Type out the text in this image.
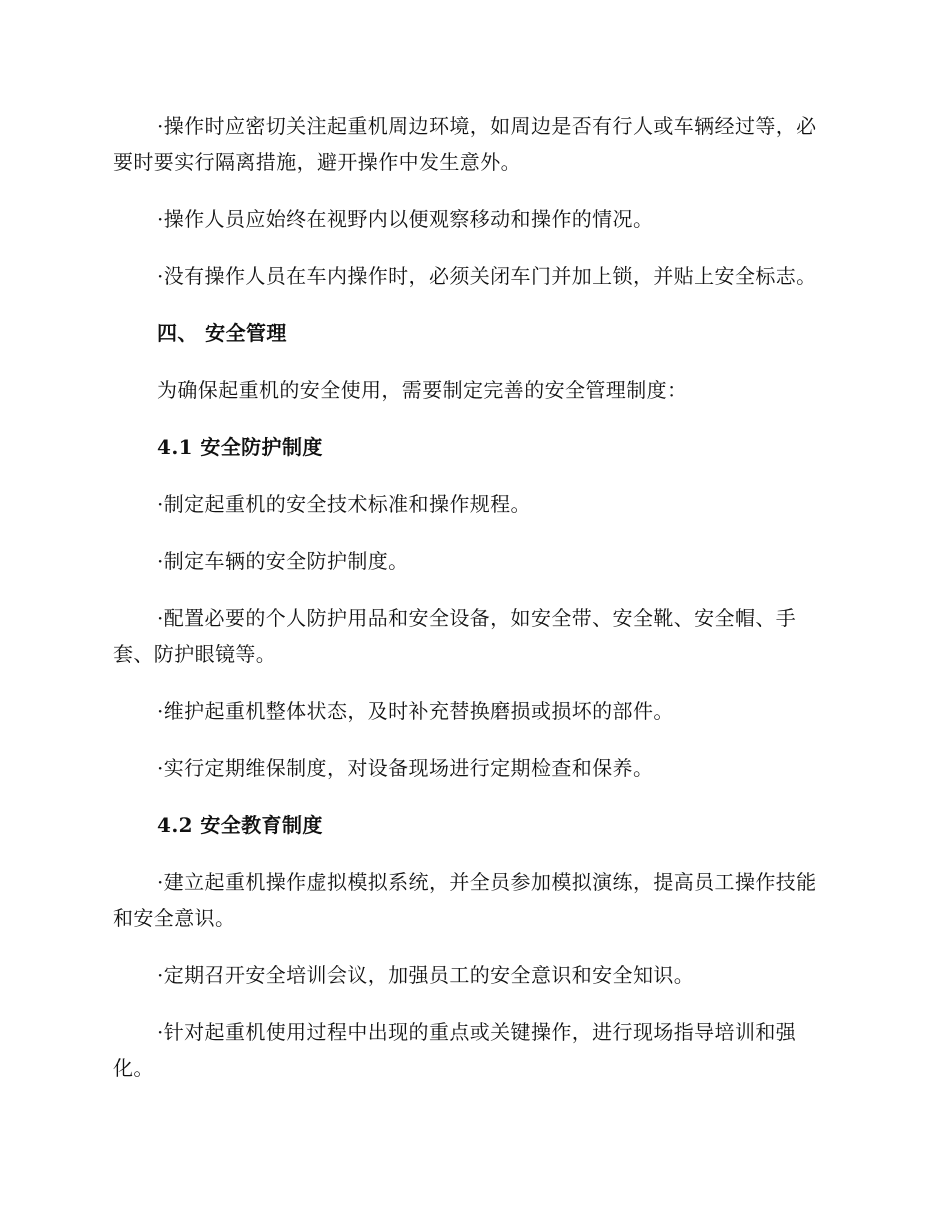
·操作时应密切关注起重机周边环境，如周边是否有行人或车辆经过等，必要时要实行隔离措施，避开操作中发生意外。

·操作人员应始终在视野内以便观察移动和操作的情况。

·没有操作人员在车内操作时，必须关闭车门并加上锁，并贴上安全标志。

四、 安全管理

为确保起重机的安全使用，需要制定完善的安全管理制度：

4.1 安全防护制度

·制定起重机的安全技术标准和操作规程。

·制定车辆的安全防护制度。

·配置必要的个人防护用品和安全设备，如安全带、安全靴、安全帽、手套、防护眼镜等。

·维护起重机整体状态，及时补充替换磨损或损坏的部件。

·实行定期维保制度，对设备现场进行定期检查和保养。

4.2 安全教育制度

·建立起重机操作虚拟模拟系统，并全员参加模拟演练，提高员工操作技能和安全意识。

·定期召开安全培训会议，加强员工的安全意识和安全知识。

·针对起重机使用过程中出现的重点或关键操作，进行现场指导培训和强化。
